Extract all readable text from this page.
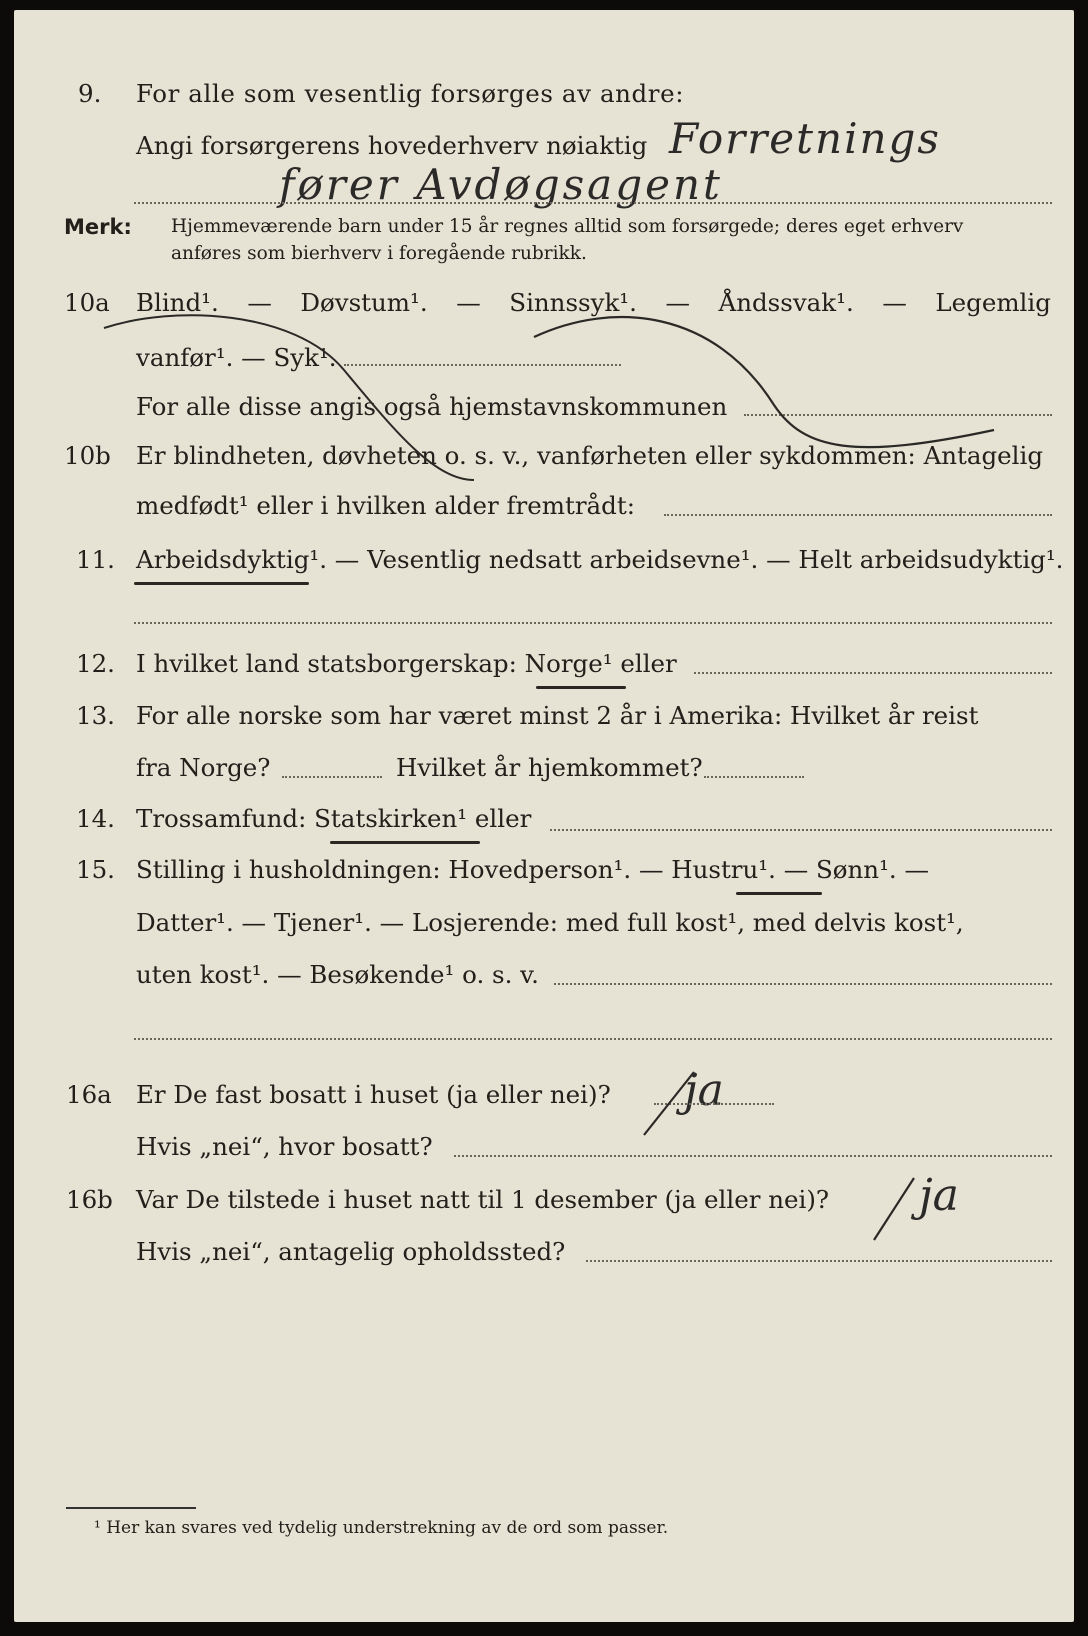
9. For alle som vesentlig forsørges av andre:
Angi forsørgerens hovederhverv nøiaktig Forretnings
fører Avdøgsagent
Merk: Hjemmeværende barn under 15 år regnes alltid som forsørgede; deres eget erhverv
anføres som bierhverv i foregående rubrikk.
10a Blind¹. — Døvstum¹. — Sinnssyk¹. — Åndssvak¹. — Legemlig
vanfør¹. — Syk¹.
For alle disse angis også hjemstavnskommunen
10b Er blindheten, døvheten o. s. v., vanførheten eller sykdommen: Antagelig
medfødt¹ eller i hvilken alder fremtrådt:
11. Arbeidsdyktig¹. — Vesentlig nedsatt arbeidsevne¹. — Helt arbeidsudyktig¹.
12. I hvilket land statsborgerskap: Norge¹ eller
13. For alle norske som har været minst 2 år i Amerika: Hvilket år reist
fra Norge?	Hvilket år hjemkommet?
14. Trossamfund: Statskirken¹ eller
15. Stilling i husholdningen: Hovedperson¹. — Hustru¹. — Sønn¹. —
Datter¹. — Tjener¹. — Losjerende: med full kost¹, med delvis kost¹,
uten kost¹. — Besøkende¹ o. s. v.
16a Er De fast bosatt i huset (ja eller nei)? ja
Hvis „nei“, hvor bosatt?
16b Var De tilstede i huset natt til 1 desember (ja eller nei)? ja
Hvis „nei“, antagelig opholdssted?
¹ Her kan svares ved tydelig understrekning av de ord som passer.
